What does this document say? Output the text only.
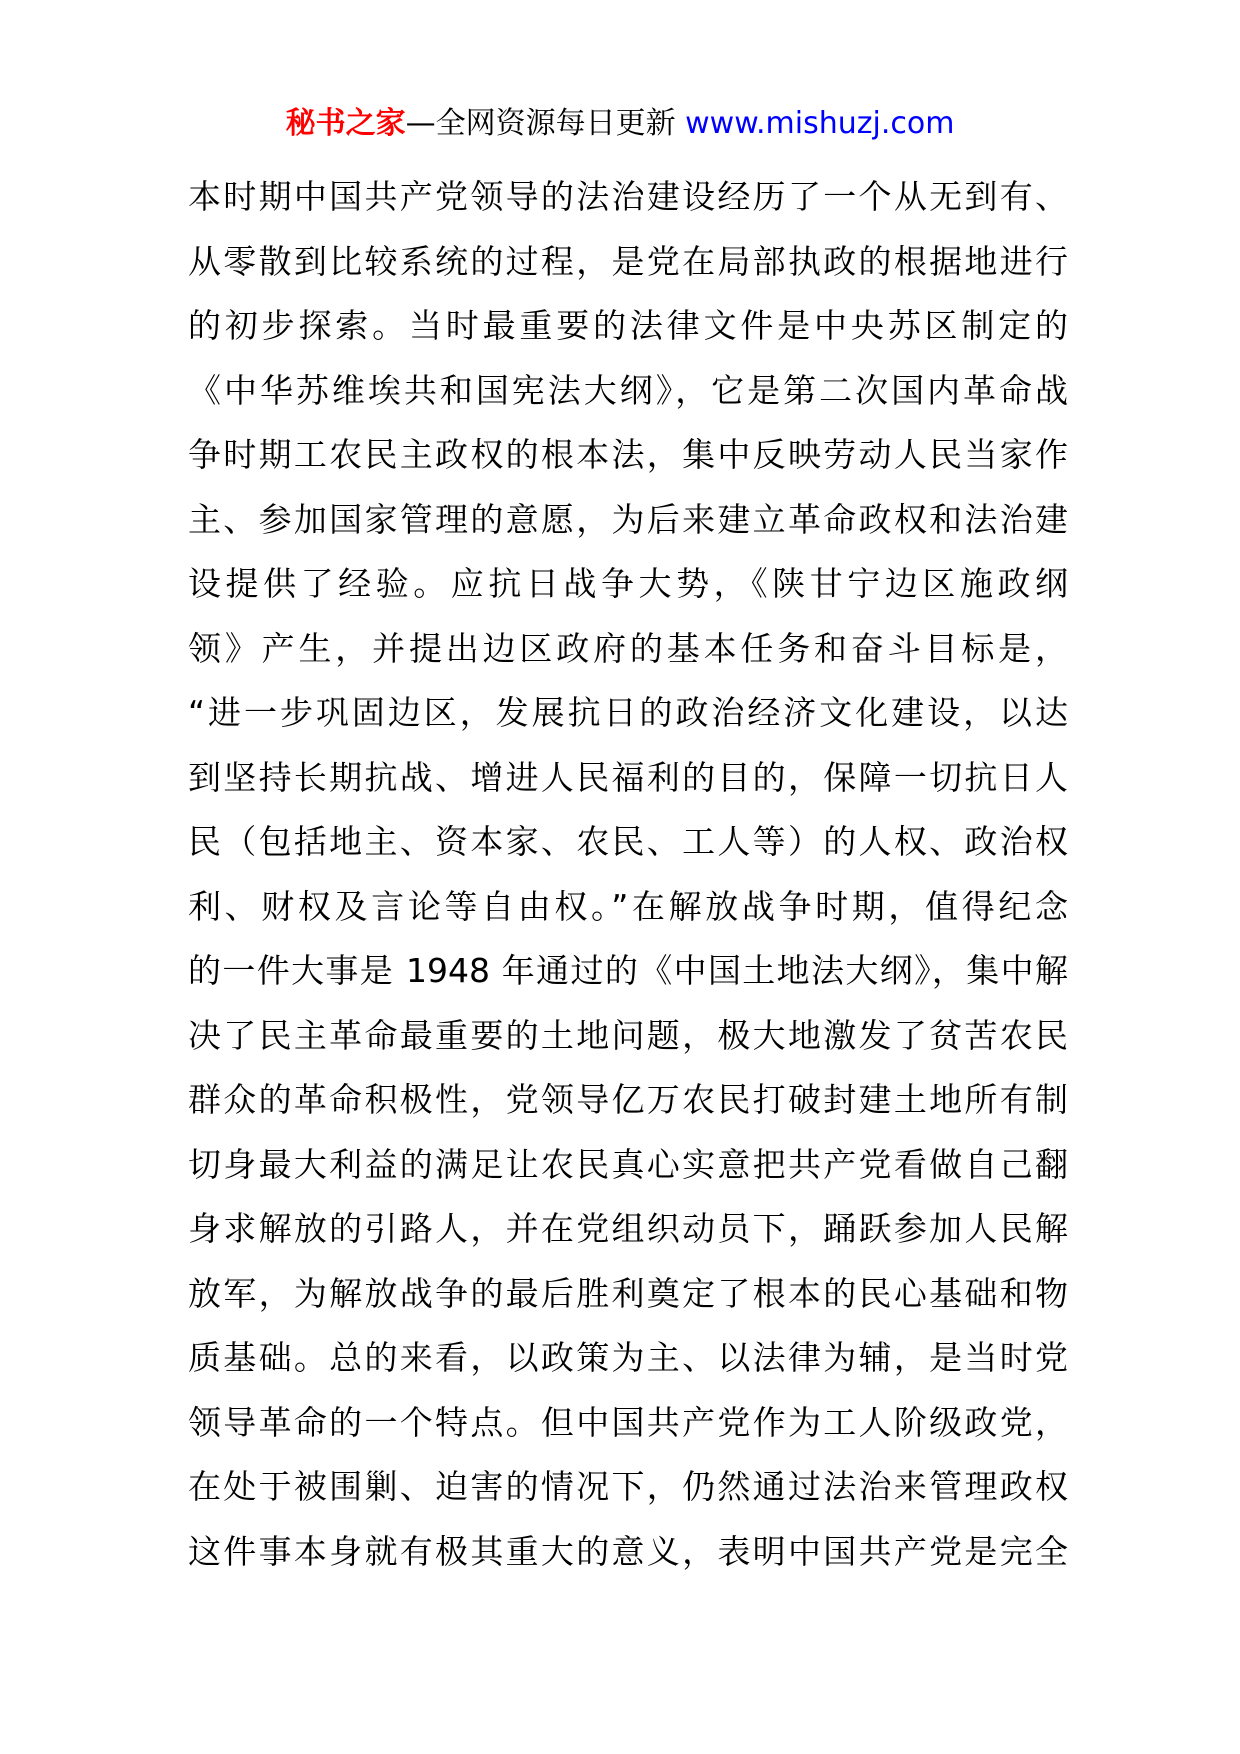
秘书之家—全网资源每日更新 www.mishuzj.com
本时期中国共产党领导的法治建设经历了一个从无到有、
从零散到比较系统的过程，是党在局部执政的根据地进行
的初步探索。当时最重要的法律文件是中央苏区制定的
《中华苏维埃共和国宪法大纲》，它是第二次国内革命战
争时期工农民主政权的根本法，集中反映劳动人民当家作
主、参加国家管理的意愿，为后来建立革命政权和法治建
设提供了经验。应抗日战争大势，《陕甘宁边区施政纲
领》产生，并提出边区政府的基本任务和奋斗目标是，
“进一步巩固边区，发展抗日的政治经济文化建设，以达
到坚持长期抗战、增进人民福利的目的，保障一切抗日人
民（包括地主、资本家、农民、工人等）的人权、政治权
利、财权及言论等自由权。”在解放战争时期，值得纪念
的一件大事是 1948 年通过的《中国土地法大纲》，集中解
决了民主革命最重要的土地问题，极大地激发了贫苦农民
群众的革命积极性，党领导亿万农民打破封建土地所有制
切身最大利益的满足让农民真心实意把共产党看做自己翻
身求解放的引路人，并在党组织动员下，踊跃参加人民解
放军，为解放战争的最后胜利奠定了根本的民心基础和物
质基础。总的来看，以政策为主、以法律为辅，是当时党
领导革命的一个特点。但中国共产党作为工人阶级政党，
在处于被围剿、迫害的情况下，仍然通过法治来管理政权
这件事本身就有极其重大的意义，表明中国共产党是完全
